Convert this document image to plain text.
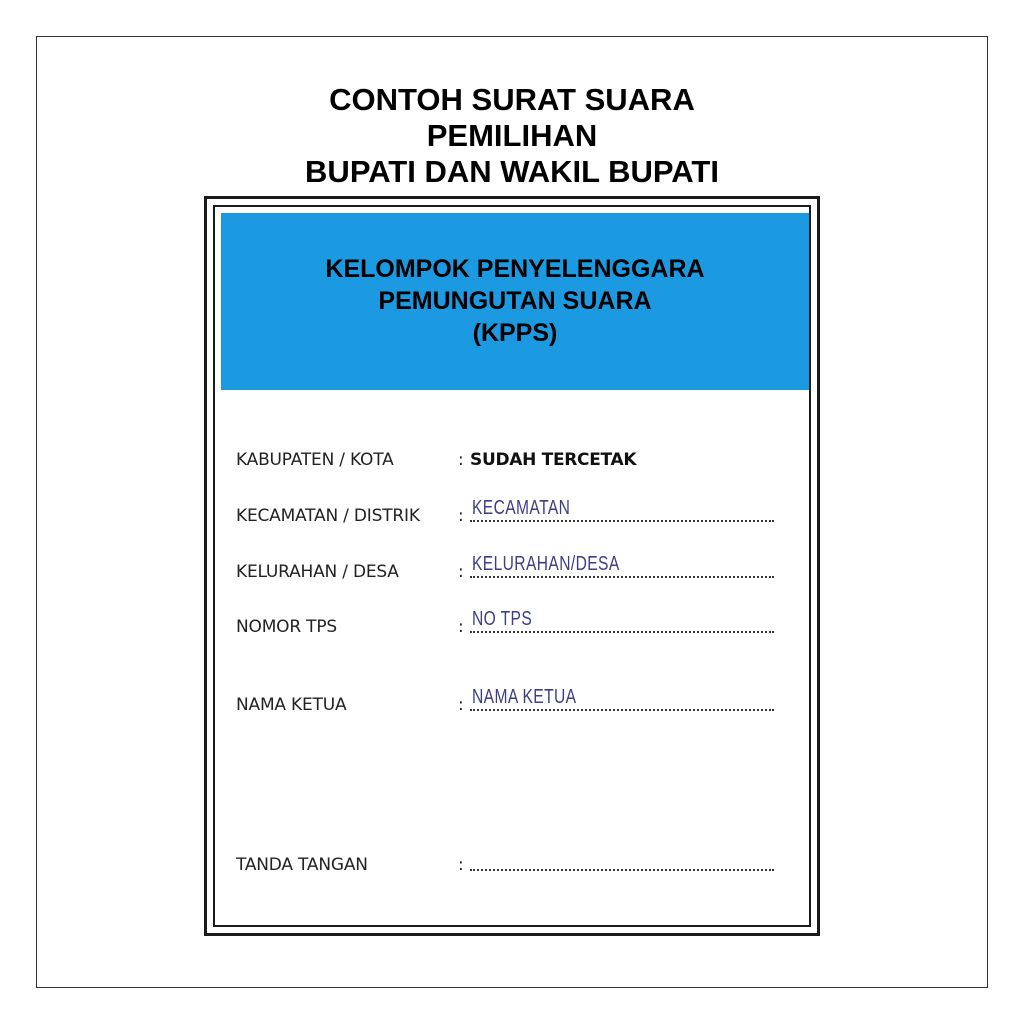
CONTOH SURAT SUARA
PEMILIHAN
BUPATI DAN WAKIL BUPATI
KELOMPOK PENYELENGGARA
PEMUNGUTAN SUARA
(KPPS)
KABUPATEN / KOTA	: SUDAH TERCETAK
KECAMATAN / DISTRIK : KECAMATAN
KELURAHAN / DESA	: KELURAHAN/DESA
NOMOR TPS	: NO TPS
NAMA KETUA	: NAMA KETUA
TANDA TANGAN	:
